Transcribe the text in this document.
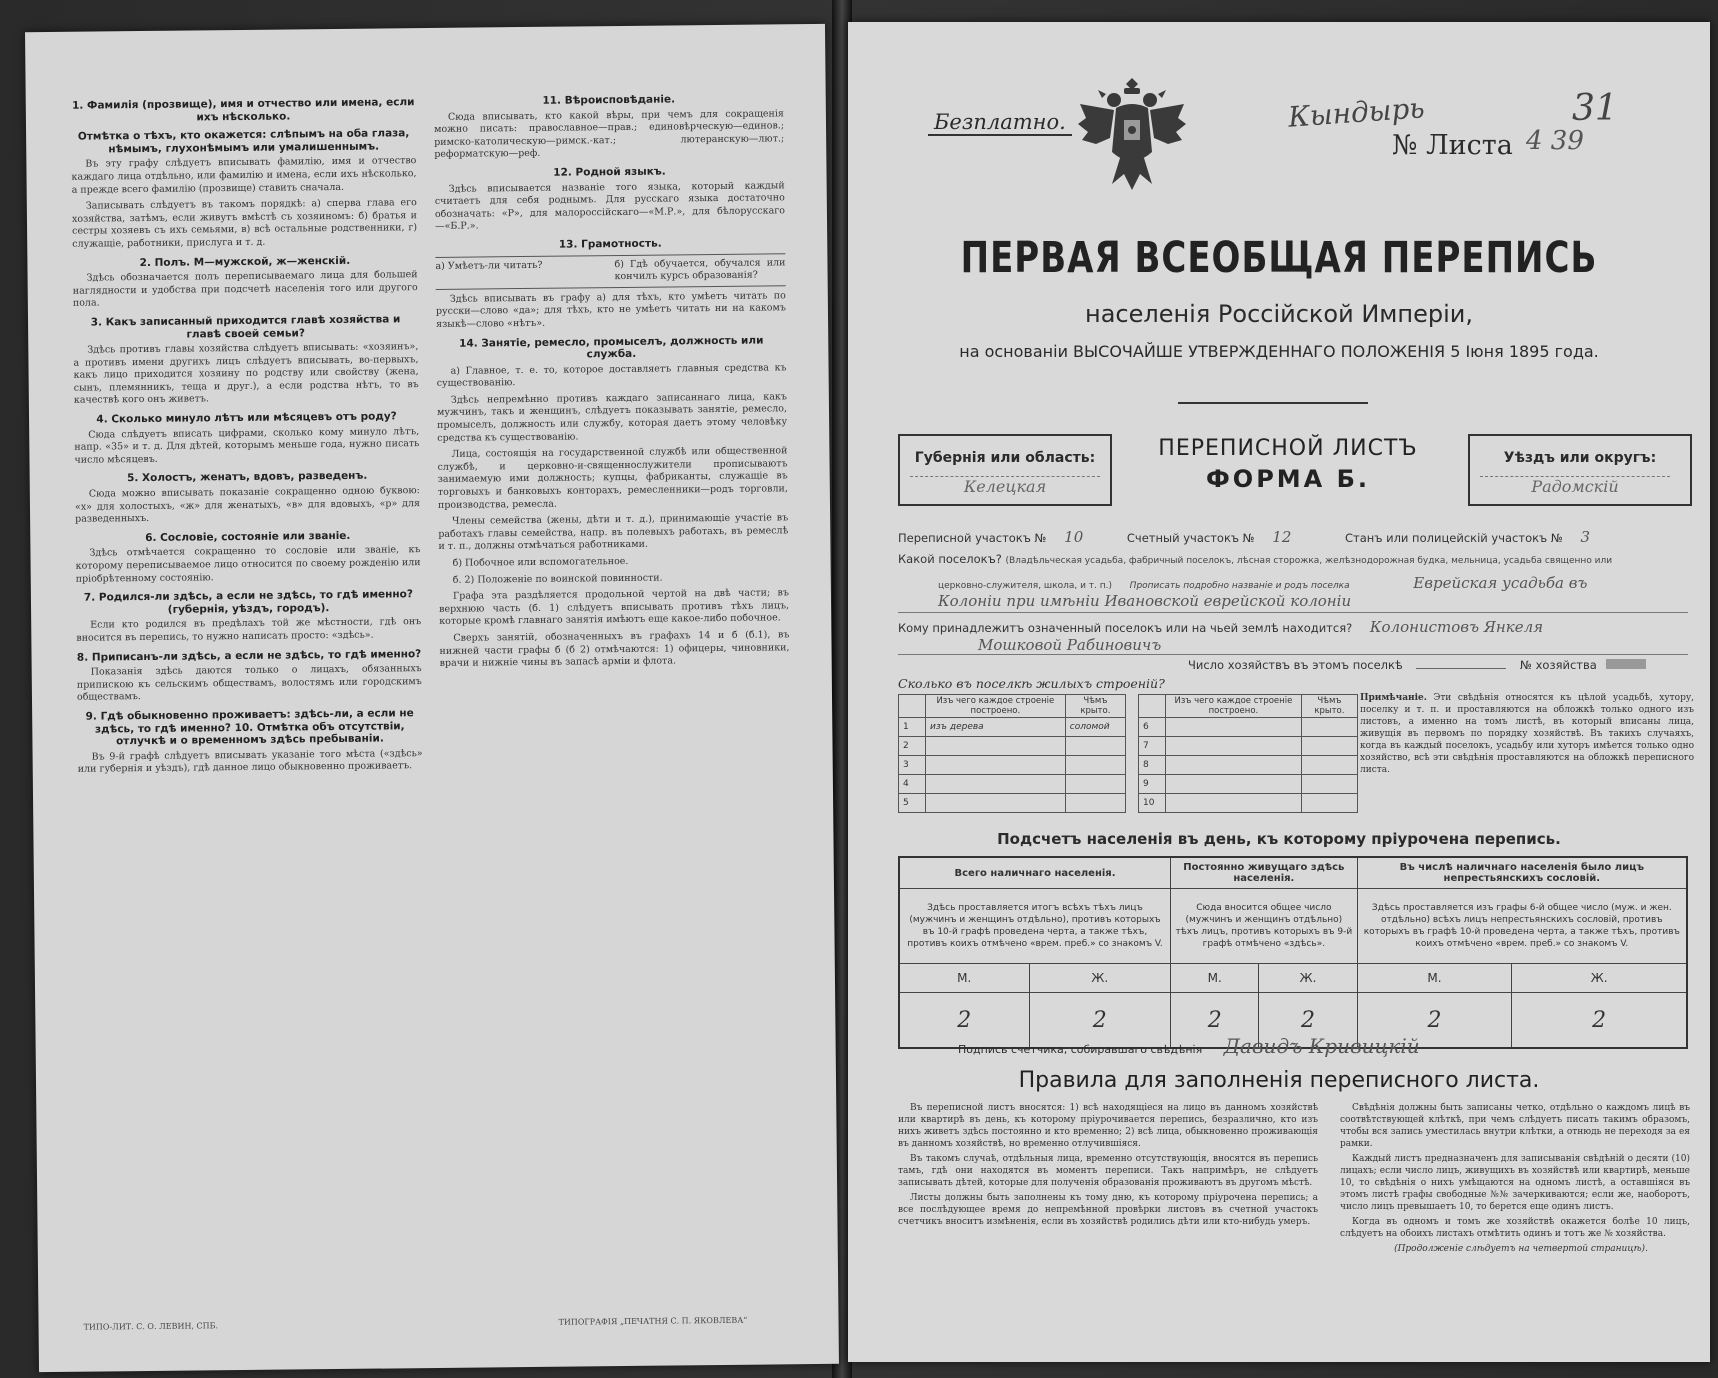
1. Фамилія (прозвище), имя и отчество или имена, если ихъ нѣсколько.
Отмѣтка о тѣхъ, кто окажется: слѣпымъ на оба глаза, нѣмымъ, глухонѣмымъ или умалишеннымъ.

Въ эту графу слѣдуетъ вписывать фамилію, имя и отчество каждаго лица отдѣльно, или фамилію и имена, если ихъ нѣсколько, а прежде всего фамилію (прозвище) ставить сначала.

Записывать слѣдуетъ въ такомъ порядкѣ: а) сперва глава его хозяйства, затѣмъ, если живутъ вмѣстѣ съ хозяиномъ: б) братья и сестры хозяевъ съ ихъ семьями, в) всѣ остальные родственники, г) служащіе, работники, прислуга и т. д.

2. Полъ. М—мужской, ж—женскій.

Здѣсь обозначается полъ переписываемаго лица для большей наглядности и удобства при подсчетѣ населенія того или другого пола.

3. Какъ записанный приходится главѣ хозяйства и главѣ своей семьи?

Здѣсь противъ главы хозяйства слѣдуетъ вписывать: «хозяинъ», а противъ имени другихъ лицъ слѣдуетъ вписывать, во-первыхъ, какъ лицо приходится хозяину по родству или свойству (жена, сынъ, племянникъ, теща и друг.), а если родства нѣтъ, то въ качествѣ кого онъ живетъ.

4. Сколько минуло лѣтъ или мѣсяцевъ отъ роду?

Сюда слѣдуетъ вписать цифрами, сколько кому минуло лѣтъ, напр. «35» и т. д. Для дѣтей, которымъ меньше года, нужно писать число мѣсяцевъ.

5. Холостъ, женатъ, вдовъ, разведенъ.

Сюда можно вписывать показаніе сокращенно одною буквою: «х» для холостыхъ, «ж» для женатыхъ, «в» для вдовыхъ, «р» для разведенныхъ.

6. Сословіе, состояніе или званіе.

Здѣсь отмѣчается сокращенно то сословіе или званіе, къ которому переписываемое лицо относится по своему рожденію или пріобрѣтенному состоянію.

7. Родился-ли здѣсь, а если не здѣсь, то гдѣ именно? (губернія, уѣздъ, городъ).

Если кто родился въ предѣлахъ той же мѣстности, гдѣ онъ вносится въ перепись, то нужно написать просто: «здѣсь».

8. Приписанъ-ли здѣсь, а если не здѣсь, то гдѣ именно?

Показанія здѣсь даются только о лицахъ, обязанныхъ припискою къ сельскимъ обществамъ, волостямъ или городскимъ обществамъ.

9. Гдѣ обыкновенно проживаетъ: здѣсь-ли, а если не здѣсь, то гдѣ именно? 10. Отмѣтка объ отсутствіи, отлучкѣ и о временномъ здѣсь пребываніи.

Въ 9-й графѣ слѣдуетъ вписывать указаніе того мѣста («здѣсь» или губернія и уѣздъ), гдѣ данное лицо обыкновенно проживаетъ.

11. Вѣроисповѣданіе.

Сюда вписывать, кто какой вѣры, при чемъ для сокращенія можно писать: православное—прав.; единовѣрческую—единов.; римско-католическую—римск.-кат.; лютеранскую—лют.; реформатскую—реф.

12. Родной языкъ.

Здѣсь вписывается названіе того языка, который каждый считаетъ для себя роднымъ. Для русскаго языка достаточно обозначать: «Р», для малороссійскаго—«М.Р.», для бѣлорусскаго—«Б.Р.».

13. Грамотность.
а) Умѣетъ-ли читать?	б) Гдѣ обучается, обучался или кончилъ курсъ образованія?

Здѣсь вписывать въ графу а) для тѣхъ, кто умѣетъ читать по русски—слово «да»; для тѣхъ, кто не умѣетъ читать ни на какомъ языкѣ—слово «нѣтъ».

14. Занятіе, ремесло, промыселъ, должность или служба.

а) Главное, т. е. то, которое доставляетъ главныя средства къ существованію.

Здѣсь непремѣнно противъ каждаго записаннаго лица, какъ мужчинъ, такъ и женщинъ, слѣдуетъ показывать занятіе, ремесло, промыселъ, должность или службу, которая даетъ этому человѣку средства къ существованію.

Лица, состоящія на государственной службѣ или общественной службѣ, и церковно-и-священнослужители прописываютъ занимаемую ими должность; купцы, фабриканты, служащіе въ торговыхъ и банковыхъ конторахъ, ремесленники—родъ торговли, производства, ремесла.

Члены семейства (жены, дѣти и т. д.), принимающіе участіе въ работахъ главы семейства, напр. въ полевыхъ работахъ, въ ремеслѣ и т. п., должны отмѣчаться работниками.

б) Побочное или вспомогательное.

б. 2) Положеніе по воинской повинности.

Графа эта раздѣляется продольной чертой на двѣ части; въ верхнюю часть (б. 1) слѣдуетъ вписывать противъ тѣхъ лицъ, которые кромѣ главнаго занятія имѣютъ еще какое-либо побочное.

Сверхъ занятій, обозначенныхъ въ графахъ 14 и б (б.1), въ нижней части графы б (б 2) отмѣчаются: 1) офицеры, чиновники, врачи и нижніе чины въ запасѣ арміи и флота.

ТИПО-ЛИТ. С. О. ЛЕВИН, СПБ.	ТИПОГРАФІЯ „ПЕЧАТНЯ С. П. ЯКОВЛЕВА“
Кындырь	31
Безплатно.
№ Листа 4 39
ПЕРВАЯ ВСЕОБЩАЯ ПЕРЕПИСЬ
населенія Россійской Имперіи,
на основаніи ВЫСОЧАЙШЕ УТВЕРЖДЕННАГО ПОЛОЖЕНІЯ 5 Іюня 1895 года.
Губернія или область:
Келецкая
ПЕРЕПИСНОЙ ЛИСТЪ
ФОРМА Б.
Уѣздъ или округъ:
Радомскій
Переписной участокъ № 10	Счетный участокъ № 12	Станъ или полицейскій участокъ № 3
Какой поселокъ? (Владѣльческая усадьба, фабричный поселокъ, лѣсная сторожка, желѣзнодорожная будка, мельница, усадьба священно или
церковно-служителя, школа, и т. п.) Прописать подробно названіе и родъ поселка	Еврейская усадьба въ
Колоніи при имѣніи Ивановской еврейской колоніи
Кому принадлежитъ означенный поселокъ или на чьей землѣ находится? Колонистовъ Янкеля
Мошковой Рабиновичъ
Число хозяйствъ въ этомъ поселкѣ	№ хозяйства
Сколько въ поселкѣ жилыхъ строеній?
	Изъ чего каждое строеніе построено.	Чѣмъ крыто.
1	изъ дерева	соломой
2		
3		
4		
5		
	Изъ чего каждое строеніе построено.	Чѣмъ крыто.
6		
7		
8		
9		
10		
Примѣчаніе. Эти свѣдѣнія относятся къ цѣлой усадьбѣ, хутору, поселку и т. п. и проставляются на обложкѣ только одного изъ листовъ, а именно на томъ листѣ, въ который вписаны лица, живущія въ первомъ по порядку хозяйствѣ. Въ такихъ случаяхъ, когда въ каждый поселокъ, усадьбу или хуторъ имѣется только одно хозяйство, всѣ эти свѣдѣнія проставляются на обложкѣ переписного листа.
Подсчетъ населенія въ день, къ которому пріурочена перепись.
Всего наличнаго населенія.		Постоянно живущаго здѣсь населенія.		Въ числѣ наличнаго населенія было лицъ непрестьянскихъ сословій.	
Здѣсь проставляется итогъ всѣхъ тѣхъ лицъ (мужчинъ и женщинъ отдѣльно), противъ которыхъ въ 10-й графѣ проведена черта, а также тѣхъ, противъ коихъ отмѣчено «врем. преб.» со знакомъ V.		Сюда вносится общее число (мужчинъ и женщинъ отдѣльно) тѣхъ лицъ, противъ которыхъ въ 9-й графѣ отмѣчено «здѣсь».		Здѣсь проставляется изъ графы 6-й общее число (муж. и жен. отдѣльно) всѣхъ лицъ непрестьянскихъ сословій, противъ которыхъ въ графѣ 10-й проведена черта, а также тѣхъ, противъ коихъ отмѣчено «врем. преб.» со знакомъ V.	
М.	Ж.	М.	Ж.	М.	Ж.
2	2	2	2	2	2
Подпись счетчика, собиравшаго свѣдѣнія Давидъ Кривицкій
Правила для заполненія переписного листа.

Въ переписной листъ вносятся: 1) всѣ находящіеся на лицо въ данномъ хозяйствѣ или квартирѣ въ день, къ которому пріурочивается перепись, безразлично, кто изъ нихъ живетъ здѣсь постоянно и кто временно; 2) всѣ лица, обыкновенно проживающія въ данномъ хозяйствѣ, но временно отлучившіяся.

Въ такомъ случаѣ, отдѣльныя лица, временно отсутствующія, вносятся въ перепись тамъ, гдѣ они находятся въ моментъ переписи. Такъ напримѣръ, не слѣдуетъ записывать дѣтей, которые для полученія образованія проживаютъ въ другомъ мѣстѣ.

Листы должны быть заполнены къ тому дню, къ которому пріурочена перепись; а все послѣдующее время до непремѣнной провѣрки листовъ въ счетной участокъ счетчикъ вноситъ измѣненія, если въ хозяйствѣ родились дѣти или кто-нибудь умеръ.

Свѣдѣнія должны быть записаны четко, отдѣльно о каждомъ лицѣ въ соотвѣтствующей клѣткѣ, при чемъ слѣдуетъ писать такимъ образомъ, чтобы вся запись уместилась внутри клѣтки, а отнюдь не переходя за ея рамки.

Каждый листъ предназначенъ для записыванія свѣдѣній о десяти (10) лицахъ; если число лицъ, живущихъ въ хозяйствѣ или квартирѣ, меньше 10, то свѣдѣнія о нихъ умѣщаются на одномъ листѣ, а оставшіяся въ этомъ листѣ графы свободные №№ зачеркиваются; если же, наоборотъ, число лицъ превышаетъ 10, то берется еще одинъ листъ.

Когда въ одномъ и томъ же хозяйствѣ окажется болѣе 10 лицъ, слѣдуетъ на обоихъ листахъ отмѣтить одинъ и тотъ же № хозяйства.

(Продолженіе слѣдуетъ на четвертой страницѣ).
